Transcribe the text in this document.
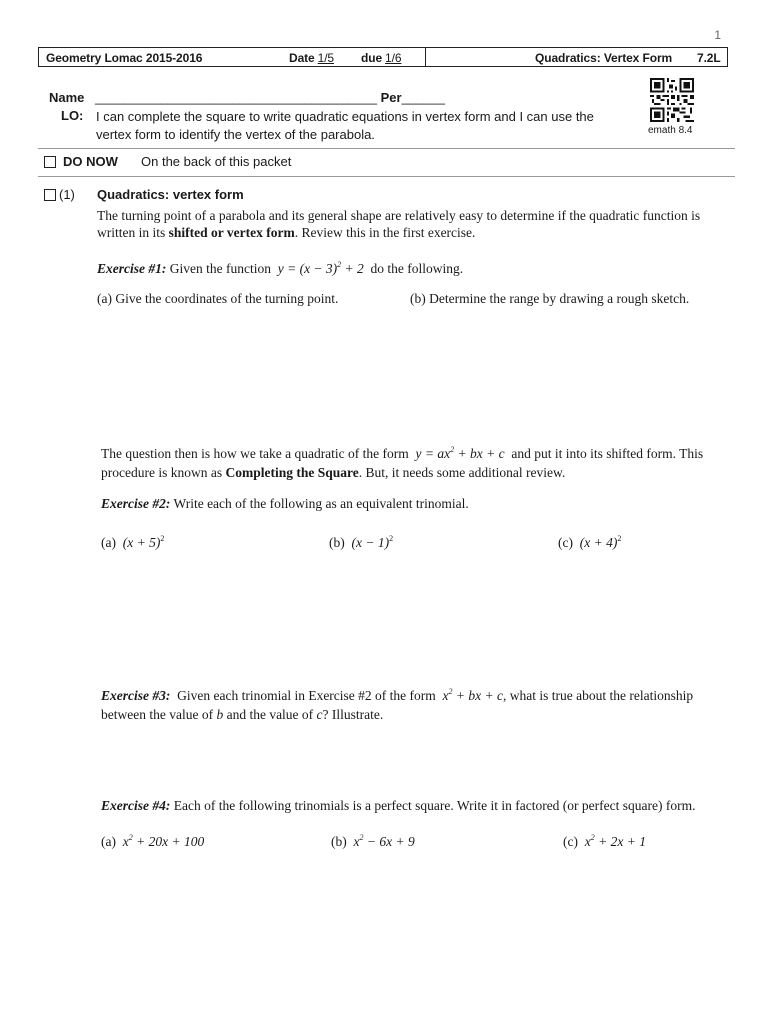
1
Geometry Lomac 2015-2016	Date 1/5 due 1/6	Quadratics: Vertex Form 7.2L
Name _______________________________________ Per______
LO: I can complete the square to write quadratic equations in vertex form and I can use the
vertex form to identify the vertex of the parabola.	emath 8.4
DO NOW On the back of this packet
(1) Quadratics: vertex form
The turning point of a parabola and its general shape are relatively easy to determine if the quadratic function is
written in its shifted or vertex form. Review this in the first exercise.
Exercise #1: Given the function $y = (x - 3)^2 + 2$ do the following.
(a) Give the coordinates of the turning point.	(b) Determine the range by drawing a rough sketch.
The question then is how we take a quadratic of the form $y = ax^2$ + bx + c and put it into its shifted form. This
procedure is known as Completing the Square. But, it needs some additional review.
Exercise #2: Write each of the following as an equivalent trinomial.
(a) $(x + 5)^2$	(b) $(x - 1)^2$	(c) $(x + 4)^2$
Exercise #3: Given each trinomial in Exercise #2 of the form $x^2$ + bx + c, what is true about the relationship
between the value of b and the value of c? Illustrate.
Exercise #4: Each of the following trinomials is a perfect square. Write it in factored (or perfect square) form.
(a) $x^2 + 20x + 100$	(b) $x^2 - 6x + 9$	(c) $x^2 + 2x + 1$
